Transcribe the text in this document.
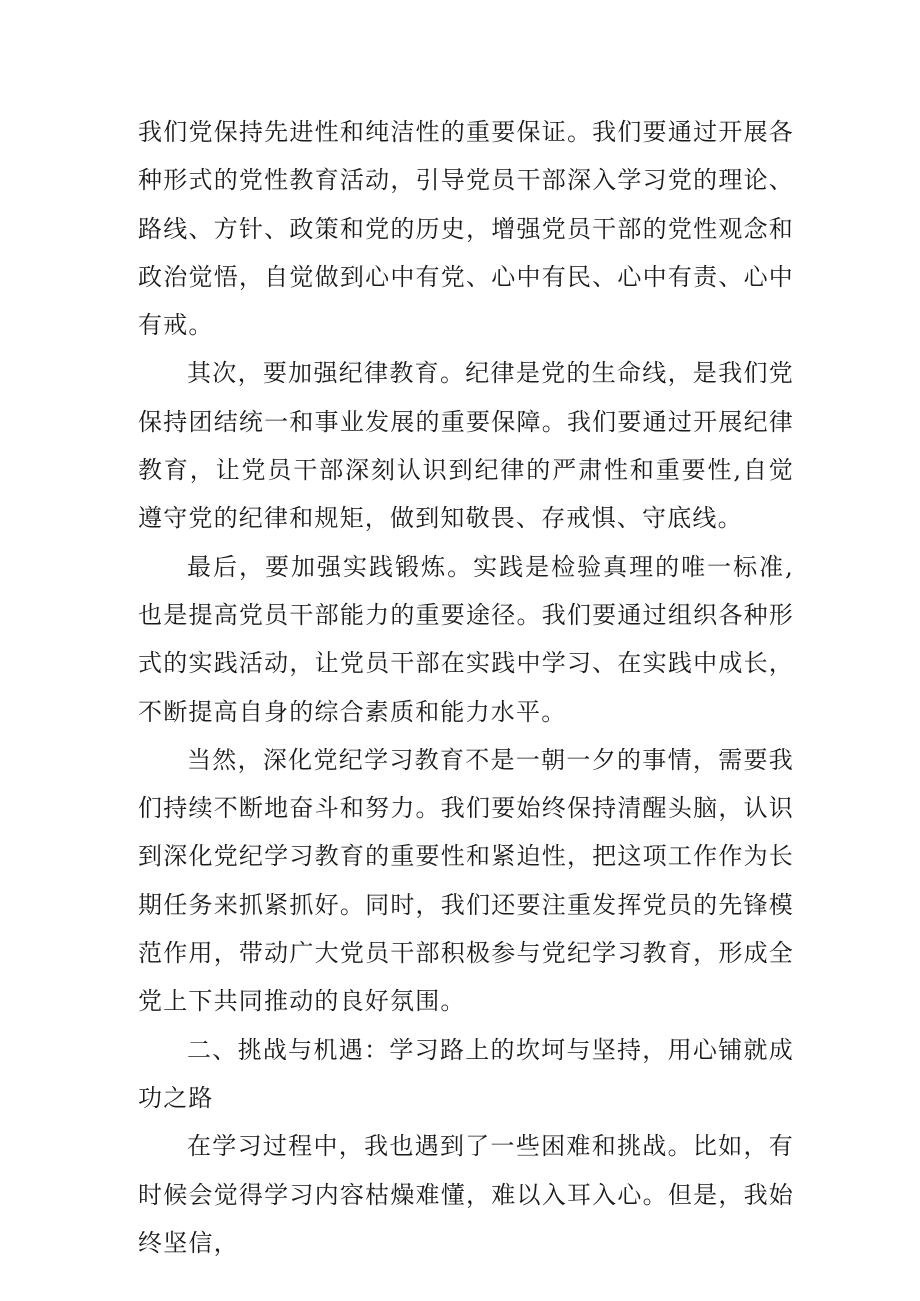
我们党保持先进性和纯洁性的重要保证。我们要通过开展各种形式的党性教育活动，引导党员干部深入学习党的理论、路线、方针、政策和党的历史，增强党员干部的党性观念和政治觉悟，自觉做到心中有党、心中有民、心中有责、心中有戒。

其次，要加强纪律教育。纪律是党的生命线，是我们党保持团结统一和事业发展的重要保障。我们要通过开展纪律教育，让党员干部深刻认识到纪律的严肃性和重要性,自觉遵守党的纪律和规矩，做到知敬畏、存戒惧、守底线。

最后，要加强实践锻炼。实践是检验真理的唯一标准,也是提高党员干部能力的重要途径。我们要通过组织各种形式的实践活动，让党员干部在实践中学习、在实践中成长，不断提高自身的综合素质和能力水平。

当然，深化党纪学习教育不是一朝一夕的事情，需要我们持续不断地奋斗和努力。我们要始终保持清醒头脑，认识到深化党纪学习教育的重要性和紧迫性，把这项工作作为长期任务来抓紧抓好。同时，我们还要注重发挥党员的先锋模范作用，带动广大党员干部积极参与党纪学习教育，形成全党上下共同推动的良好氛围。

二、挑战与机遇：学习路上的坎坷与坚持，用心铺就成功之路

在学习过程中，我也遇到了一些困难和挑战。比如，有时候会觉得学习内容枯燥难懂，难以入耳入心。但是，我始终坚信，
